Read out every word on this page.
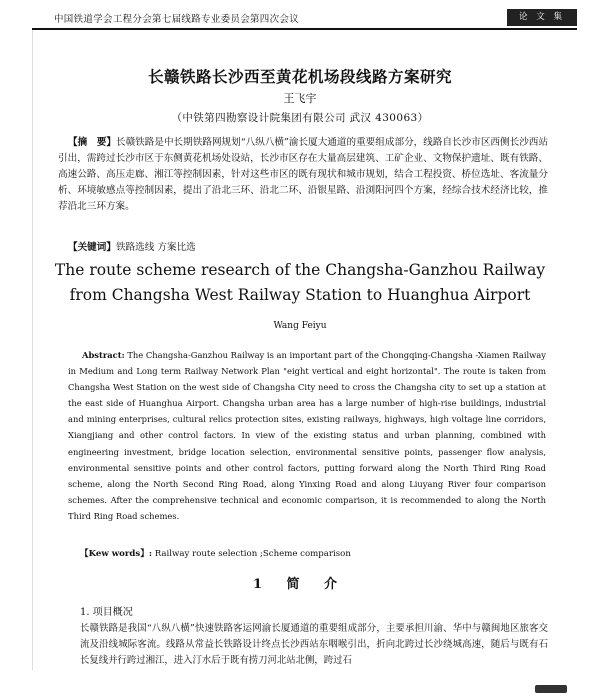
中国铁道学会工程分会第七届线路专业委员会第四次会议	论 文 集
长赣铁路长沙西至黄花机场段线路方案研究
王飞宇
（中铁第四勘察设计院集团有限公司 武汉 430063）
【摘　要】长赣铁路是中长期铁路网规划“八纵八横”渝长厦大通道的重要组成部分，线路自长沙市区西侧长沙西站引出，需跨过长沙市区于东侧黄花机场处设站，长沙市区存在大量高层建筑、工矿企业、文物保护遗址、既有铁路、高速公路、高压走廊、湘江等控制因素，针对这些市区的既有现状和城市规划，结合工程投资、桥位选址、客流量分析、环境敏感点等控制因素，提出了沿北三环、沿北二环、沿银星路、沿浏阳河四个方案，经综合技术经济比较，推荐沿北三环方案。
【关键词】铁路选线 方案比选
The route scheme research of the Changsha-Ganzhou Railway from Changsha West Railway Station to Huanghua Airport
Wang Feiyu
Abstract: The Changsha-Ganzhou Railway is an important part of the Chongqing-Changsha -Xiamen Railway in Medium and Long term Railway Network Plan "eight vertical and eight horizontal". The route is taken from Changsha West Station on the west side of Changsha City need to cross the Changsha city to set up a station at the east side of Huanghua Airport. Changsha urban area has a large number of high-rise buildings, industrial and mining enterprises, cultural relics protection sites, existing railways, highways, high voltage line corridors, Xiangjiang and other control factors. In view of the existing status and urban planning, combined with engineering investment, bridge location selection, environmental sensitive points, passenger flow analysis, environmental sensitive points and other control factors, putting forward along the North Third Ring Road scheme, along the North Second Ring Road, along Yinxing Road and along Liuyang River four comparison schemes. After the comprehensive technical and economic comparison, it is recommended to along the North Third Ring Road schemes.
【Kew words】: Railway route selection ;Scheme comparison
1 简 介
1. 项目概况
长赣铁路是我国“八纵八横”快速铁路客运网渝长厦通道的重要组成部分，主要承担川渝、华中与赣闽地区旅客交流及沿线城际客流。线路从常益长铁路设计终点长沙西站东咽喉引出，折向北跨过长沙绕城高速，随后与既有石长复线并行跨过湘江，进入汀水后于既有捞刀河北站北侧，跨过石
